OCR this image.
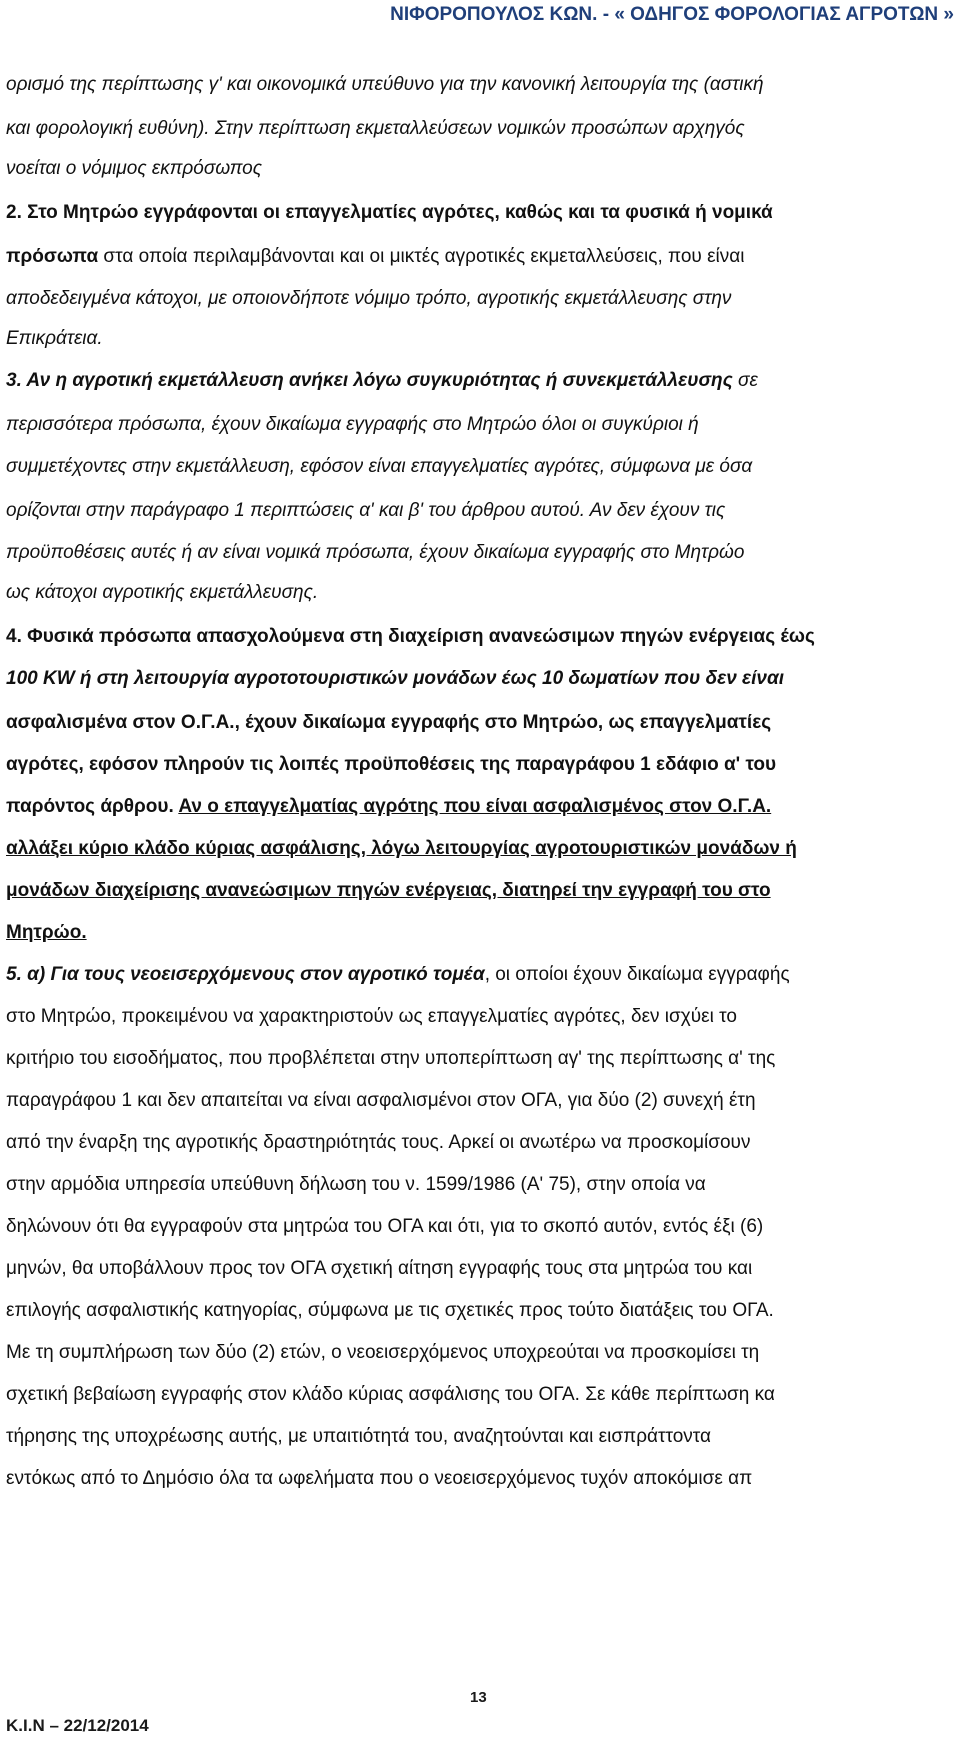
ΝΙΦΟΡΟΠΟΥΛΟΣ ΚΩΝ. - « ΟΔΗΓΟΣ ΦΟΡΟΛΟΓΙΑΣ ΑΓΡΟΤΩΝ »
ορισμό της περίπτωσης γ' και οικονομικά υπεύθυνο για την κανονική λειτουργία της (αστική
και φορολογική ευθύνη). Στην περίπτωση εκμεταλλεύσεων νομικών προσώπων αρχηγός
νοείται ο νόμιμος εκπρόσωπος
2. Στο Μητρώο εγγράφονται οι επαγγελματίες αγρότες, καθώς και τα φυσικά ή νομικά
πρόσωπα στα οποία περιλαμβάνονται και οι μικτές αγροτικές εκμεταλλεύσεις, που είναι
αποδεδειγμένα κάτοχοι, με οποιονδήποτε νόμιμο τρόπο, αγροτικής εκμετάλλευσης στην
Επικράτεια.
3. Αν η αγροτική εκμετάλλευση ανήκει λόγω συγκυριότητας ή συνεκμετάλλευσης σε
περισσότερα πρόσωπα, έχουν δικαίωμα εγγραφής στο Μητρώο όλοι οι συγκύριοι ή
συμμετέχοντες στην εκμετάλλευση, εφόσον είναι επαγγελματίες αγρότες, σύμφωνα με όσα
ορίζονται στην παράγραφο 1 περιπτώσεις α' και β' του άρθρου αυτού. Αν δεν έχουν τις
προϋποθέσεις αυτές ή αν είναι νομικά πρόσωπα, έχουν δικαίωμα εγγραφής στο Μητρώο
ως κάτοχοι αγροτικής εκμετάλλευσης.
4. Φυσικά πρόσωπα απασχολούμενα στη διαχείριση ανανεώσιμων πηγών ενέργειας έως
100 KW ή στη λειτουργία αγροτοτουριστικών μονάδων έως 10 δωματίων που δεν είναι
ασφαλισμένα στον Ο.Γ.Α., έχουν δικαίωμα εγγραφής στο Μητρώο, ως επαγγελματίες
αγρότες, εφόσον πληρούν τις λοιπές προϋποθέσεις της παραγράφου 1 εδάφιο α' του
παρόντος άρθρου. Αν ο επαγγελματίας αγρότης που είναι ασφαλισμένος στον Ο.Γ.Α.
αλλάξει κύριο κλάδο κύριας ασφάλισης, λόγω λειτουργίας αγροτουριστικών μονάδων ή
μονάδων διαχείρισης ανανεώσιμων πηγών ενέργειας, διατηρεί την εγγραφή του στο
Μητρώο.
5. α) Για τους νεοεισερχόμενους στον αγροτικό τομέα, οι οποίοι έχουν δικαίωμα εγγραφής
στο Μητρώο, προκειμένου να χαρακτηριστούν ως επαγγελματίες αγρότες, δεν ισχύει το
κριτήριο του εισοδήματος, που προβλέπεται στην υποπερίπτωση αγ' της περίπτωσης α' της
παραγράφου 1 και δεν απαιτείται να είναι ασφαλισμένοι στον ΟΓΑ, για δύο (2) συνεχή έτη
από την έναρξη της αγροτικής δραστηριότητάς τους. Αρκεί οι ανωτέρω να προσκομίσουν
στην αρμόδια υπηρεσία υπεύθυνη δήλωση του ν. 1599/1986 (Α' 75), στην οποία να
δηλώνουν ότι θα εγγραφούν στα μητρώα του ΟΓΑ και ότι, για το σκοπό αυτόν, εντός έξι (6)
μηνών, θα υποβάλλουν προς τον ΟΓΑ σχετική αίτηση εγγραφής τους στα μητρώα του και
επιλογής ασφαλιστικής κατηγορίας, σύμφωνα με τις σχετικές προς τούτο διατάξεις του ΟΓΑ.
Με τη συμπλήρωση των δύο (2) ετών, ο νεοεισερχόμενος υποχρεούται να προσκομίσει τη
σχετική βεβαίωση εγγραφής στον κλάδο κύριας ασφάλισης του ΟΓΑ. Σε κάθε περίπτωση κα
τήρησης της υποχρέωσης αυτής, με υπαιτιότητά του, αναζητούνται και εισπράττοντα
εντόκως από το Δημόσιο όλα τα ωφελήματα που ο νεοεισερχόμενος τυχόν αποκόμισε απ
13
Κ.Ι.Ν – 22/12/2014
